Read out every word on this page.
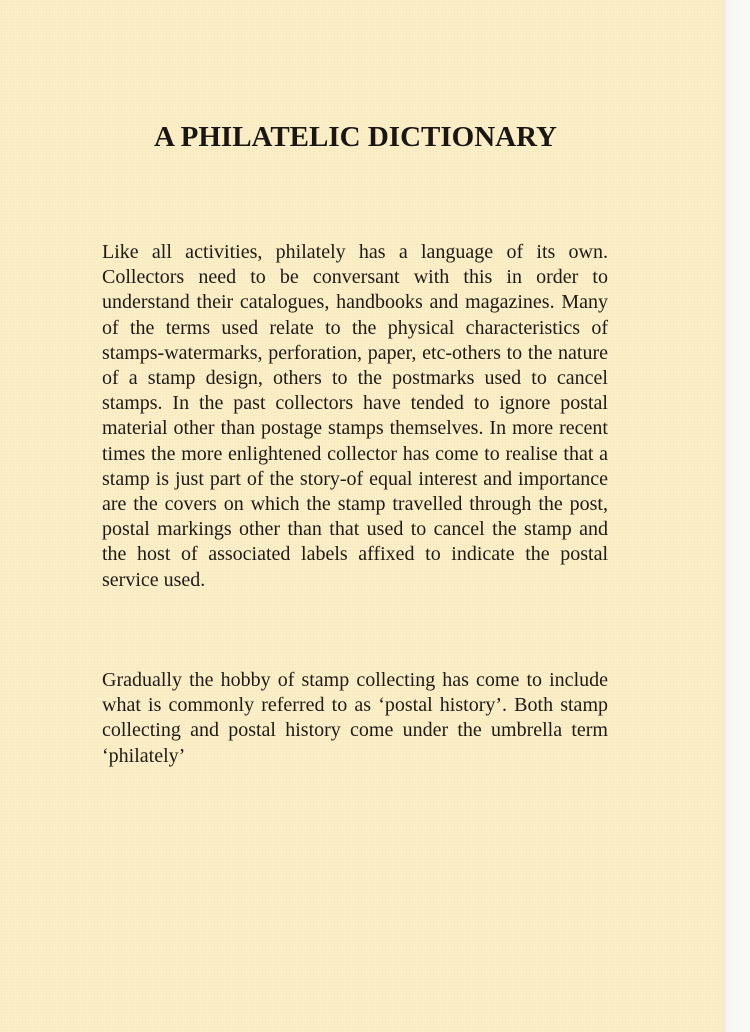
A PHILATELIC DICTIONARY

Like all activities, philately has a language of its own. Collectors need to be conversant with this in order to understand their catalogues, handbooks and magazines. Many of the terms used relate to the physical characteristics of stamps-watermarks, perforation, paper, etc-others to the nature of a stamp design, others to the postmarks used to cancel stamps. In the past collectors have tended to ignore postal material other than postage stamps themselves. In more recent times the more enlightened collector has come to realise that a stamp is just part of the story-of equal interest and importance are the covers on which the stamp travelled through the post, postal markings other than that used to cancel the stamp and the host of associated labels affixed to indicate the postal service used.

Gradually the hobby of stamp collecting has come to include what is commonly referred to as ‘postal history’. Both stamp collecting and postal history come under the umbrella term ‘philately’
